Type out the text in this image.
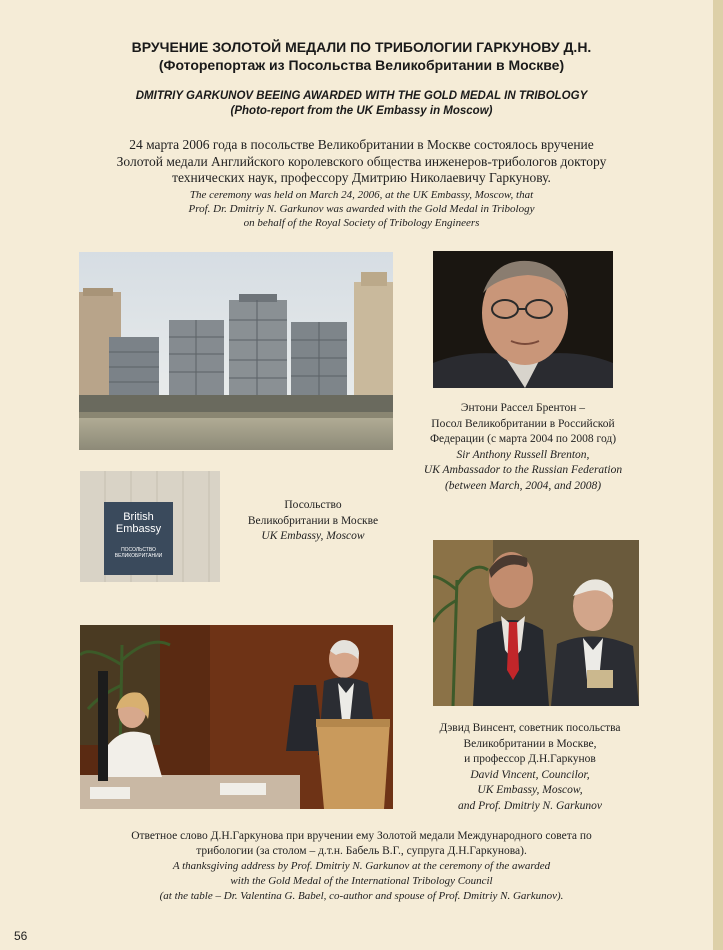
ВРУЧЕНИЕ ЗОЛОТОЙ МЕДАЛИ ПО ТРИБОЛОГИИ ГАРКУНОВУ Д.Н.
(Фоторепортаж из Посольства Великобритании в Москве)
DMITRIY GARKUNOV BEEING AWARDED WITH THE GOLD MEDAL IN TRIBOLOGY
(Photo-report from the UK Embassy in Moscow)
24 марта 2006 года в посольстве Великобритании в Москве состоялось вручение
Золотой медали Английского королевского общества инженеров-трибологов доктору
технических наук, профессору Дмитрию Николаевичу Гаркунову.
The ceremony was held on March 24, 2006, at the UK Embassy, Moscow, that
Prof. Dr. Dmitriy N. Garkunov was awarded with the Gold Medal in Tribology
on behalf of the Royal Society of Tribology Engineers
Энтони Рассел Брентон –
Посол Великобритании в Российской
Федерации (с марта 2004 по 2008 год)
Sir Anthony Russell Brenton,
UK Ambassador to the Russian Federation
(between March, 2004, and 2008)
British
Embassy
ПОСОЛЬСТВО
ВЕЛИКОБРИТАНИИ
Посольство
Великобритании в Москве
UK Embassy, Moscow
Дэвид Винсент, советник посольства
Великобритании в Москве,
и профессор Д.Н.Гаркунов
David Vincent, Councilor,
UK Embassy, Moscow,
and Prof. Dmitriy N. Garkunov
Ответное слово Д.Н.Гаркунова при вручении ему Золотой медали Международного совета по
трибологии (за столом – д.т.н. Бабель В.Г., супруга Д.Н.Гаркунова).
A thanksgiving address by Prof. Dmitriy N. Garkunov at the ceremony of the awarded
with the Gold Medal of the International Tribology Council
(at the table – Dr. Valentina G. Babel, co-author and spouse of Prof. Dmitriy N. Garkunov).
56
